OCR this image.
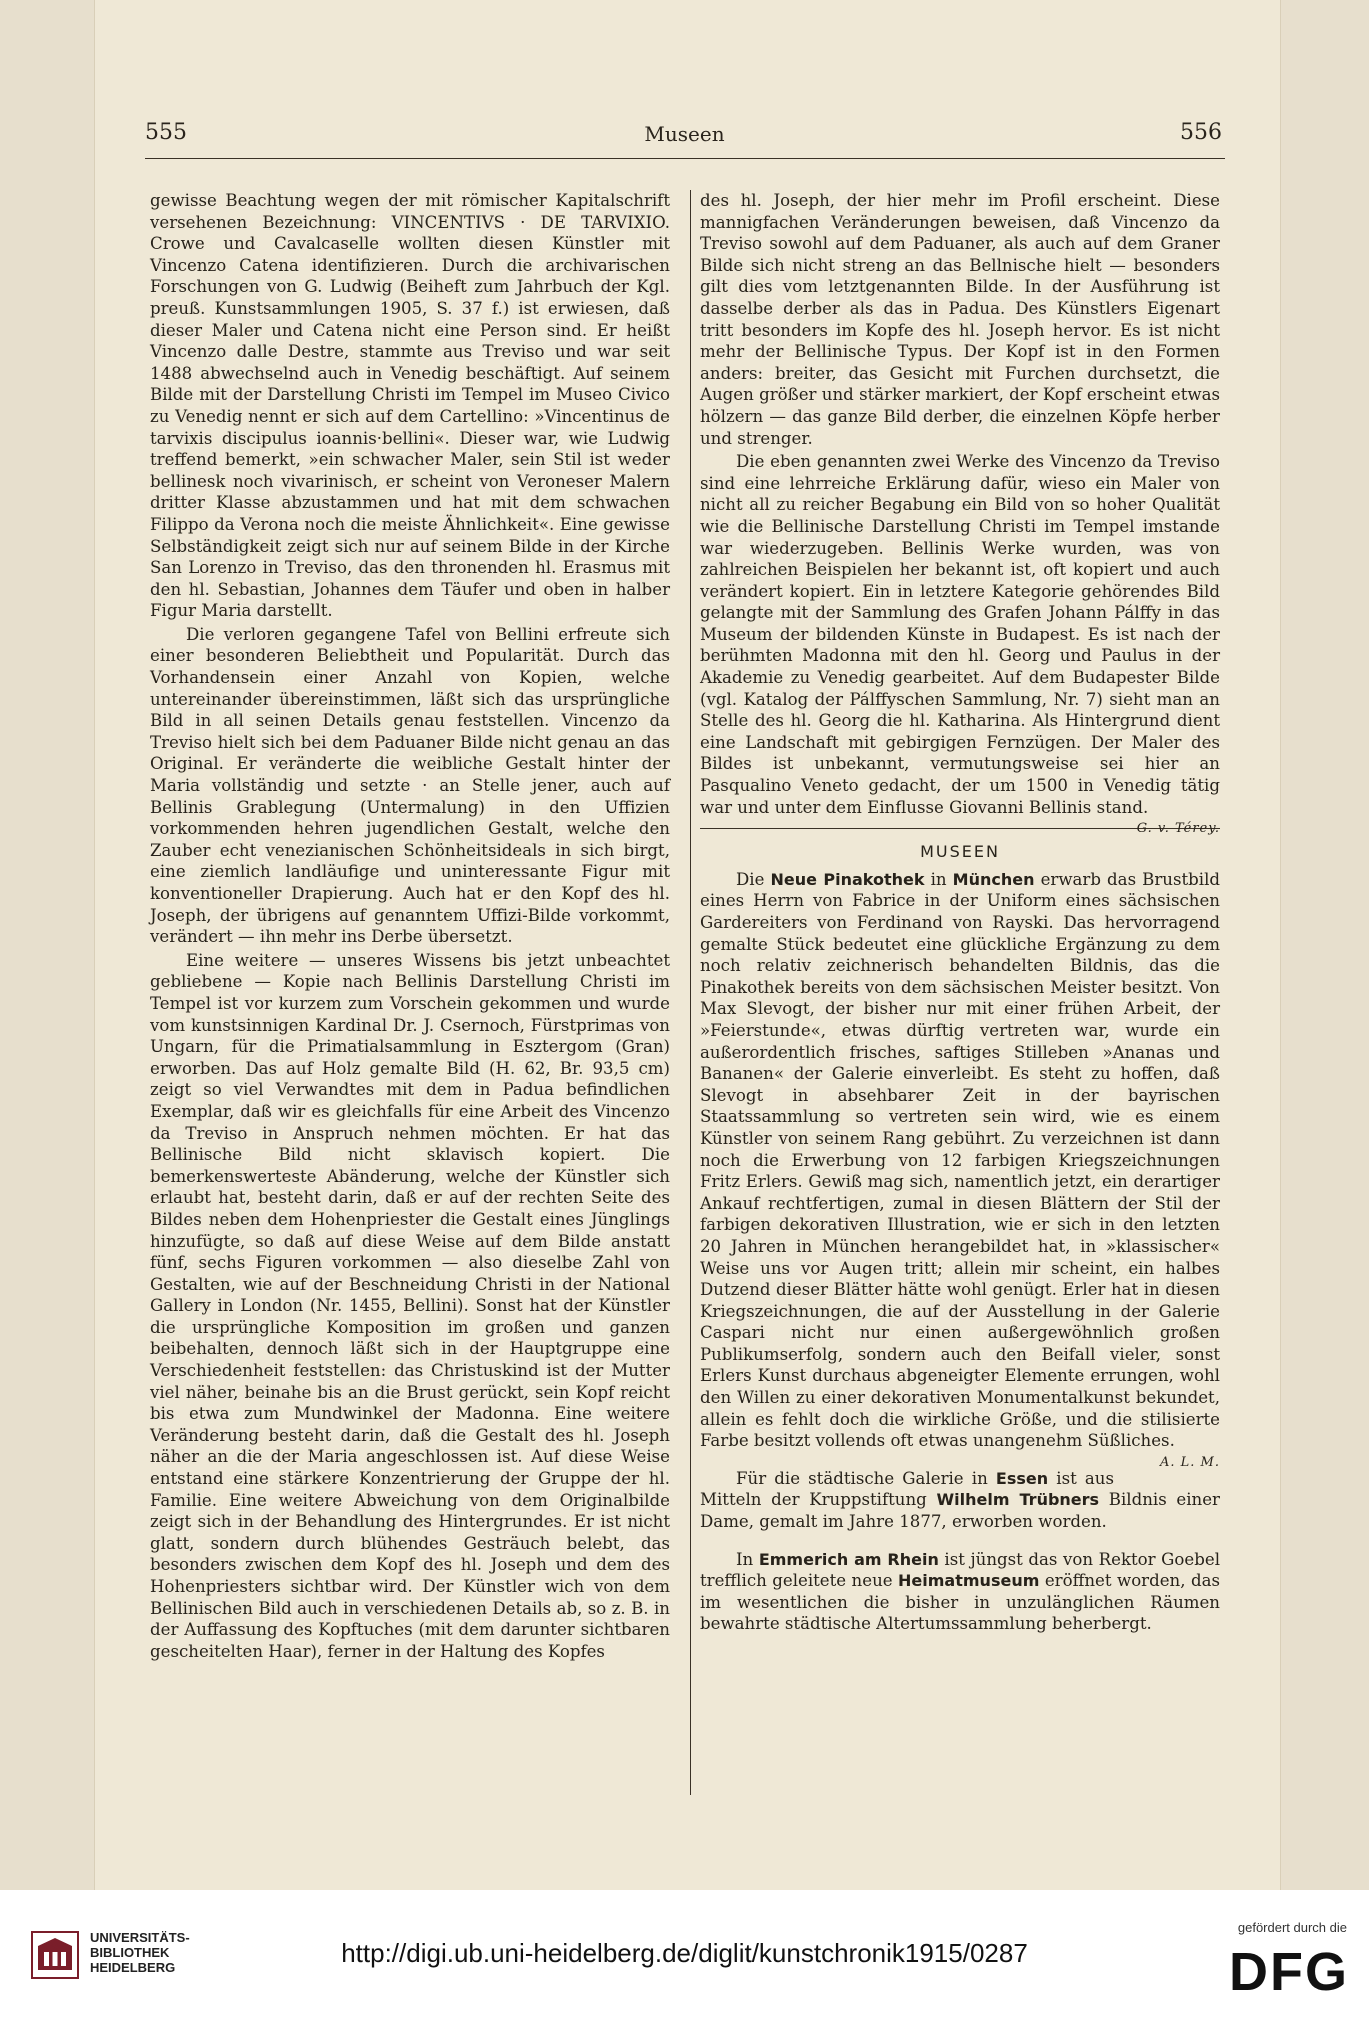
555	Museen	556

gewisse Beachtung wegen der mit römischer Kapitalschrift versehenen Bezeichnung: VINCENTIVS · DE TARVIXIO. Crowe und Cavalcaselle wollten diesen Künstler mit Vincenzo Catena identifizieren. Durch die archivarischen Forschungen von G. Ludwig (Beiheft zum Jahrbuch der Kgl. preuß. Kunstsammlungen 1905, S. 37 f.) ist erwiesen, daß dieser Maler und Catena nicht eine Person sind. Er heißt Vincenzo dalle Destre, stammte aus Treviso und war seit 1488 abwechselnd auch in Venedig beschäftigt. Auf seinem Bilde mit der Darstellung Christi im Tempel im Museo Civico zu Venedig nennt er sich auf dem Cartellino: »Vincentinus de tarvixis discipulus ioannis·bellini«. Dieser war, wie Ludwig treffend bemerkt, »ein schwacher Maler, sein Stil ist weder bellinesk noch vivarinisch, er scheint von Veroneser Malern dritter Klasse abzustammen und hat mit dem schwachen Filippo da Verona noch die meiste Ähnlichkeit«. Eine gewisse Selbständigkeit zeigt sich nur auf seinem Bilde in der Kirche San Lorenzo in Treviso, das den thronenden hl. Erasmus mit den hl. Sebastian, Johannes dem Täufer und oben in halber Figur Maria darstellt.

Die verloren gegangene Tafel von Bellini erfreute sich einer besonderen Beliebtheit und Popularität. Durch das Vorhandensein einer Anzahl von Kopien, welche untereinander übereinstimmen, läßt sich das ursprüngliche Bild in all seinen Details genau feststellen. Vincenzo da Treviso hielt sich bei dem Paduaner Bilde nicht genau an das Original. Er veränderte die weibliche Gestalt hinter der Maria vollständig und setzte · an Stelle jener, auch auf Bellinis Grablegung (Untermalung) in den Uffizien vorkommenden hehren jugendlichen Gestalt, welche den Zauber echt venezianischen Schönheitsideals in sich birgt, eine ziemlich landläufige und uninteressante Figur mit konventioneller Drapierung. Auch hat er den Kopf des hl. Joseph, der übrigens auf genanntem Uffizi-Bilde vorkommt, verändert — ihn mehr ins Derbe übersetzt.

Eine weitere — unseres Wissens bis jetzt unbeachtet gebliebene — Kopie nach Bellinis Darstellung Christi im Tempel ist vor kurzem zum Vorschein gekommen und wurde vom kunstsinnigen Kardinal Dr. J. Csernoch, Fürstprimas von Ungarn, für die Primatialsammlung in Esztergom (Gran) erworben. Das auf Holz gemalte Bild (H. 62, Br. 93,5 cm) zeigt so viel Verwandtes mit dem in Padua befindlichen Exemplar, daß wir es gleichfalls für eine Arbeit des Vincenzo da Treviso in Anspruch nehmen möchten. Er hat das Bellinische Bild nicht sklavisch kopiert. Die bemerkenswerteste Abänderung, welche der Künstler sich erlaubt hat, besteht darin, daß er auf der rechten Seite des Bildes neben dem Hohenpriester die Gestalt eines Jünglings hinzufügte, so daß auf diese Weise auf dem Bilde anstatt fünf, sechs Figuren vorkommen — also dieselbe Zahl von Gestalten, wie auf der Beschneidung Christi in der National Gallery in London (Nr. 1455, Bellini). Sonst hat der Künstler die ursprüngliche Komposition im großen und ganzen beibehalten, dennoch läßt sich in der Hauptgruppe eine Verschiedenheit feststellen: das Christuskind ist der Mutter viel näher, beinahe bis an die Brust gerückt, sein Kopf reicht bis etwa zum Mundwinkel der Madonna. Eine weitere Veränderung besteht darin, daß die Gestalt des hl. Joseph näher an die der Maria angeschlossen ist. Auf diese Weise entstand eine stärkere Konzentrierung der Gruppe der hl. Familie. Eine weitere Abweichung von dem Originalbilde zeigt sich in der Behandlung des Hintergrundes. Er ist nicht glatt, sondern durch blühendes Gesträuch belebt, das besonders zwischen dem Kopf des hl. Joseph und dem des Hohenpriesters sichtbar wird. Der Künstler wich von dem Bellinischen Bild auch in verschiedenen Details ab, so z. B. in der Auffassung des Kopftuches (mit dem darunter sichtbaren gescheitelten Haar), ferner in der Haltung des Kopfes

des hl. Joseph, der hier mehr im Profil erscheint. Diese mannigfachen Veränderungen beweisen, daß Vincenzo da Treviso sowohl auf dem Paduaner, als auch auf dem Graner Bilde sich nicht streng an das Bellnische hielt — besonders gilt dies vom letztgenannten Bilde. In der Ausführung ist dasselbe derber als das in Padua. Des Künstlers Eigenart tritt besonders im Kopfe des hl. Joseph hervor. Es ist nicht mehr der Bellinische Typus. Der Kopf ist in den Formen anders: breiter, das Gesicht mit Furchen durchsetzt, die Augen größer und stärker markiert, der Kopf erscheint etwas hölzern — das ganze Bild derber, die einzelnen Köpfe herber und strenger.

Die eben genannten zwei Werke des Vincenzo da Treviso sind eine lehrreiche Erklärung dafür, wieso ein Maler von nicht all zu reicher Begabung ein Bild von so hoher Qualität wie die Bellinische Darstellung Christi im Tempel imstande war wiederzugeben. Bellinis Werke wurden, was von zahlreichen Beispielen her bekannt ist, oft kopiert und auch verändert kopiert. Ein in letztere Kategorie gehörendes Bild gelangte mit der Sammlung des Grafen Johann Pálffy in das Museum der bildenden Künste in Budapest. Es ist nach der berühmten Madonna mit den hl. Georg und Paulus in der Akademie zu Venedig gearbeitet. Auf dem Budapester Bilde (vgl. Katalog der Pálffyschen Sammlung, Nr. 7) sieht man an Stelle des hl. Georg die hl. Katharina. Als Hintergrund dient eine Landschaft mit gebirgigen Fernzügen. Der Maler des Bildes ist unbekannt, vermutungsweise sei hier an Pasqualino Veneto gedacht, der um 1500 in Venedig tätig war und unter dem Einflusse Giovanni Bellinis stand.
G. v. Térey.

MUSEEN

Die Neue Pinakothek in München erwarb das Brustbild eines Herrn von Fabrice in der Uniform eines sächsischen Gardereiters von Ferdinand von Rayski. Das hervorragend gemalte Stück bedeutet eine glückliche Ergänzung zu dem noch relativ zeichnerisch behandelten Bildnis, das die Pinakothek bereits von dem sächsischen Meister besitzt. Von Max Slevogt, der bisher nur mit einer frühen Arbeit, der »Feierstunde«, etwas dürftig vertreten war, wurde ein außerordentlich frisches, saftiges Stilleben »Ananas und Bananen« der Galerie einverleibt. Es steht zu hoffen, daß Slevogt in absehbarer Zeit in der bayrischen Staatssammlung so vertreten sein wird, wie es einem Künstler von seinem Rang gebührt. Zu verzeichnen ist dann noch die Erwerbung von 12 farbigen Kriegszeichnungen Fritz Erlers. Gewiß mag sich, namentlich jetzt, ein derartiger Ankauf rechtfertigen, zumal in diesen Blättern der Stil der farbigen dekorativen Illustration, wie er sich in den letzten 20 Jahren in München herangebildet hat, in »klassischer« Weise uns vor Augen tritt; allein mir scheint, ein halbes Dutzend dieser Blätter hätte wohl genügt. Erler hat in diesen Kriegszeichnungen, die auf der Ausstellung in der Galerie Caspari nicht nur einen außergewöhnlich großen Publikumserfolg, sondern auch den Beifall vieler, sonst Erlers Kunst durchaus abgeneigter Elemente errungen, wohl den Willen zu einer dekorativen Monumentalkunst bekundet, allein es fehlt doch die wirkliche Größe, und die stilisierte Farbe besitzt vollends oft etwas unangenehm Süßliches.
A. L. M.

Für die städtische Galerie in Essen ist aus Mitteln der Kruppstiftung Wilhelm Trübners Bildnis einer Dame, gemalt im Jahre 1877, erworben worden.

In Emmerich am Rhein ist jüngst das von Rektor Goebel trefflich geleitete neue Heimatmuseum eröffnet worden, das im wesentlichen die bisher in unzulänglichen Räumen bewahrte städtische Altertumssammlung beherbergt.

UNIVERSITÄTS-
BIBLIOTHEK
HEIDELBERG	http://digi.ub.uni-heidelberg.de/diglit/kunstchronik1915/0287
gefördert durch die
DFG
